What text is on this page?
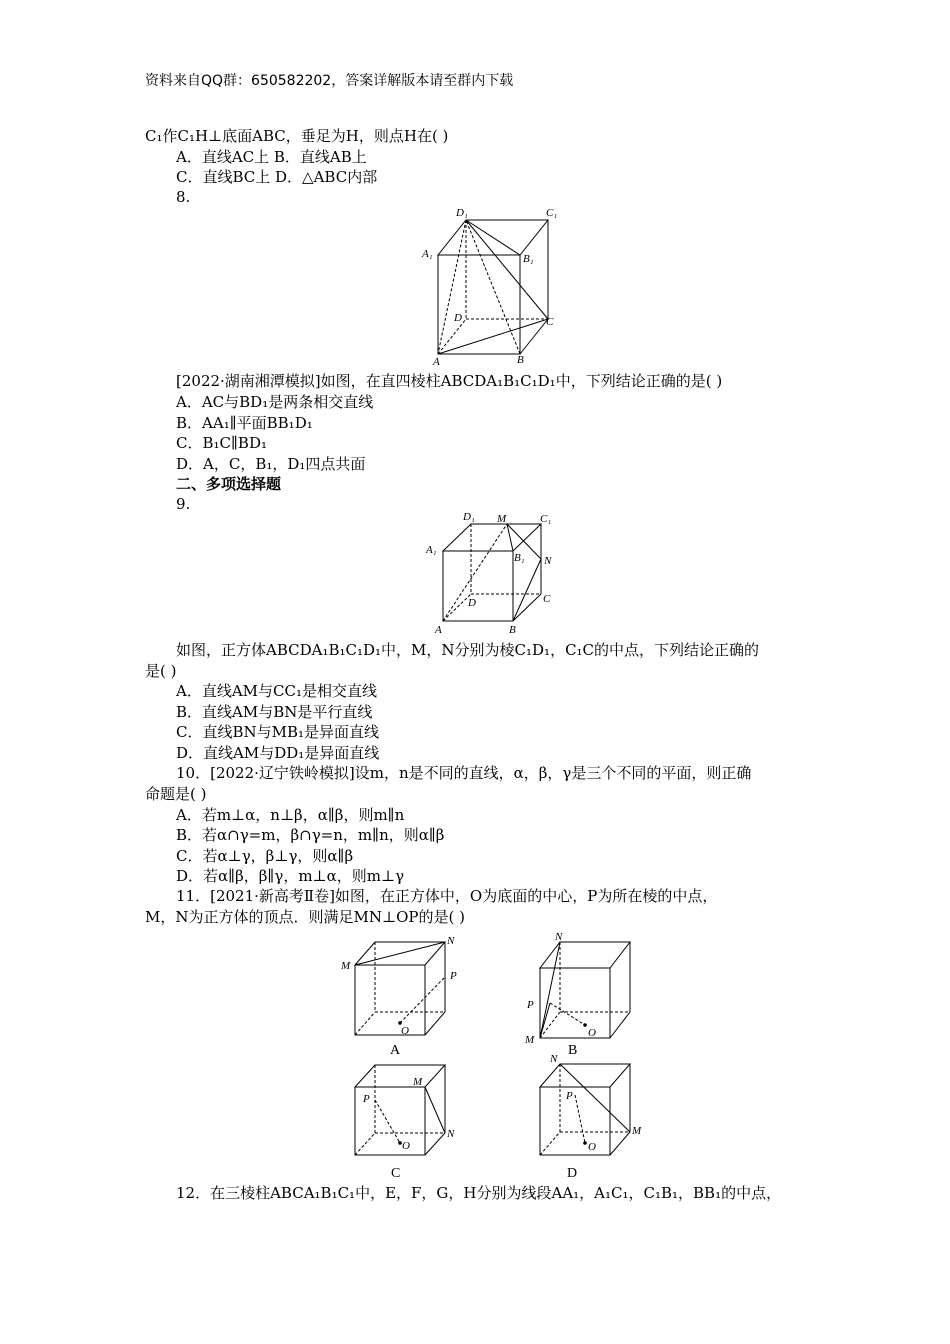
资料来自QQ群：650582202，答案详解版本请至群内下载
C₁作C₁H⊥底面ABC，垂足为H，则点H在( )
A．直线AC上 B．直线AB上
C．直线BC上 D．△ABC内部
8.
D₁	C₁
A₁	B₁
D	C
A	B
[2022·湖南湘潭模拟]如图，在直四棱柱ABCDA₁B₁C₁D₁中，下列结论正确的是( )
A．AC与BD₁是两条相交直线
B．AA₁∥平面BB₁D₁
C．B₁C∥BD₁
D．A，C，B₁，D₁四点共面
二、多项选择题
9.
D₁ M	C₁
A₁
B₁ N
D	C
A	B
如图，正方体ABCDA₁B₁C₁D₁中，M，N分别为棱C₁D₁，C₁C的中点，下列结论正确的
是( )
A．直线AM与CC₁是相交直线
B．直线AM与BN是平行直线
C．直线BN与MB₁是异面直线
D．直线AM与DD₁是异面直线
10．[2022·辽宁铁岭模拟]设m，n是不同的直线，α，β，γ是三个不同的平面，则正确
命题是( )
A．若m⊥α，n⊥β，α∥β，则m∥n
B．若α∩γ=m，β∩γ=n，m∥n，则α∥β
C．若α⊥γ，β⊥γ，则α∥β
D．若α∥β，β∥γ，m⊥α，则m⊥γ
11．[2021·新高考Ⅱ卷]如图，在正方体中，O为底面的中心，P为所在棱的中点，
M，N为正方体的顶点．则满足MN⊥OP的是( )
M
N
P
O
A
N
P
M
O
B
M
P
N
O
C
N
P
M
O
D
12．在三棱柱ABCA₁B₁C₁中，E，F，G，H分别为线段AA₁，A₁C₁，C₁B₁，BB₁的中点，
